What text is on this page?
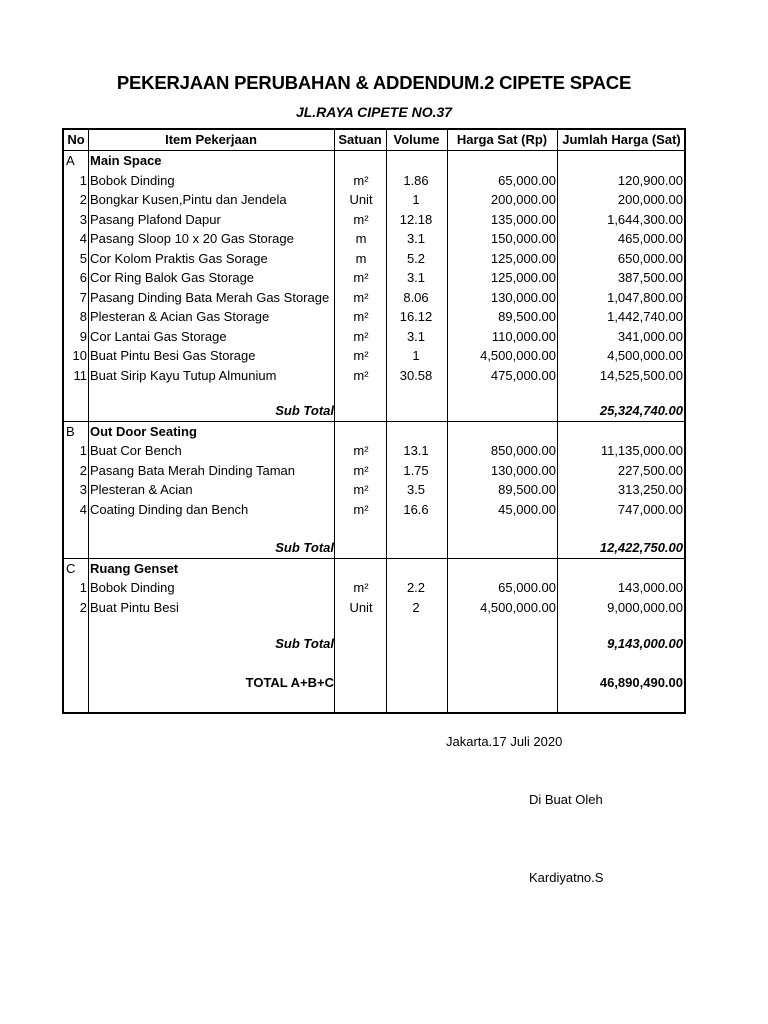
PEKERJAAN PERUBAHAN & ADDENDUM.2 CIPETE SPACE
JL.RAYA CIPETE NO.37
No	Item Pekerjaan	Satuan Volume	Harga Sat (Rp)	Jumlah Harga (Sat)
A	Main Space
1 Bobok Dinding	m²	1.86	65,000.00	120,900.00
2 Bongkar Kusen,Pintu dan Jendela	Unit	1	200,000.00	200,000.00
3 Pasang Plafond Dapur	m²	12.18	135,000.00	1,644,300.00
4 Pasang Sloop 10 x 20 Gas Storage	m	3.1	150,000.00	465,000.00
5 Cor Kolom Praktis Gas Sorage	m	5.2	125,000.00	650,000.00
6 Cor Ring Balok Gas Storage	m²	3.1	125,000.00	387,500.00
7 Pasang Dinding Bata Merah Gas Storage	m²	8.06	130,000.00	1,047,800.00
8 Plesteran & Acian Gas Storage	m²	16.12	89,500.00	1,442,740.00
9 Cor Lantai Gas Storage	m²	3.1	110,000.00	341,000.00
10 Buat Pintu Besi Gas Storage	m²	1	4,500,000.00	4,500,000.00
11 Buat Sirip Kayu Tutup Almunium	m²	30.58	475,000.00	14,525,500.00
Sub Total	25,324,740.00
B	Out Door Seating
1 Buat Cor Bench	m²	13.1	850,000.00	11,135,000.00
2 Pasang Bata Merah Dinding Taman	m²	1.75	130,000.00	227,500.00
3 Plesteran & Acian	m²	3.5	89,500.00	313,250.00
4 Coating Dinding dan Bench	m²	16.6	45,000.00	747,000.00
Sub Total	12,422,750.00
C	Ruang Genset
1 Bobok Dinding	m²	2.2	65,000.00	143,000.00
2 Buat Pintu Besi	Unit	2	4,500,000.00	9,000,000.00
Sub Total	9,143,000.00
TOTAL A+B+C	46,890,490.00
Jakarta.17 Juli 2020
Di Buat Oleh
Kardiyatno.S
